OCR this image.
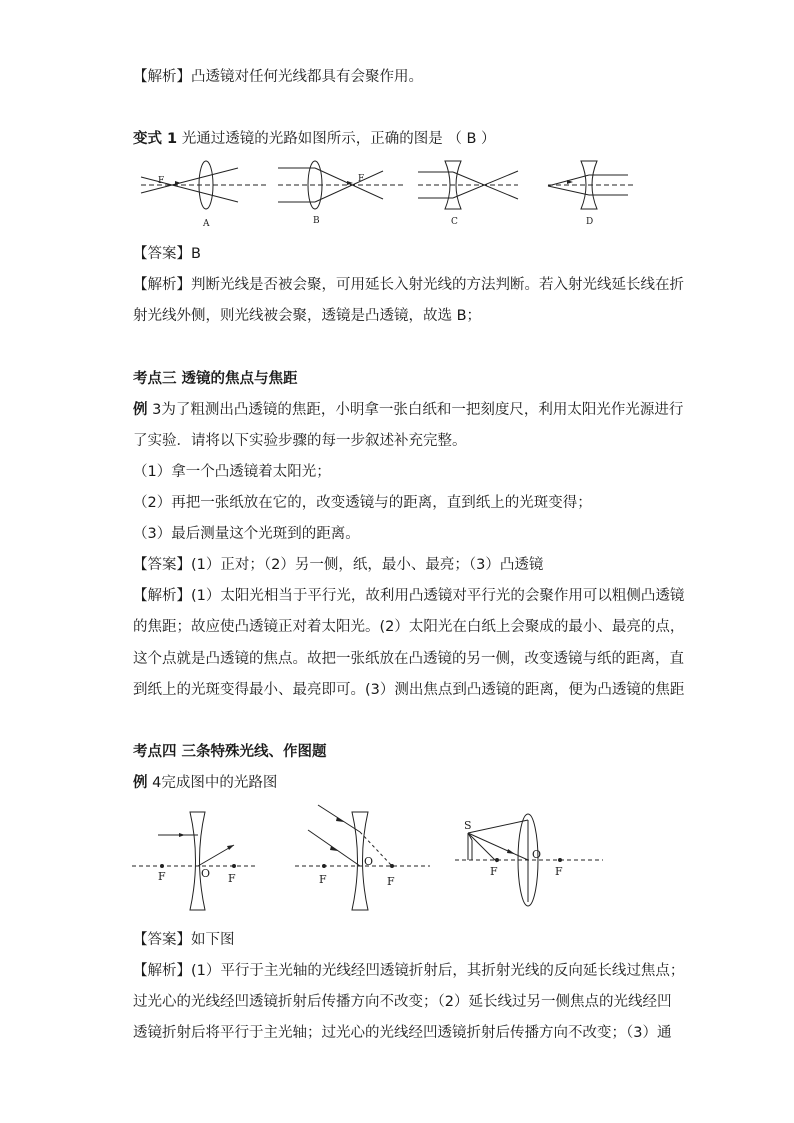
【解析】凸透镜对任何光线都具有会聚作用。
变式 1 光通过透镜的光路如图所示，正确的图是 （ B ）
F	F
A	B	C	D
【答案】B
【解析】判断光线是否被会聚，可用延长入射光线的方法判断。若入射光线延长线在折
射光线外侧，则光线被会聚，透镜是凸透镜，故选 B；
考点三 透镜的焦点与焦距
例 3为了粗测出凸透镜的焦距，小明拿一张白纸和一把刻度尺，利用太阳光作光源进行
了实验．请将以下实验步骤的每一步叙述补充完整。
（1）拿一个凸透镜着太阳光；
（2）再把一张纸放在它的，改变透镜与的距离，直到纸上的光斑变得；
（3）最后测量这个光斑到的距离。
【答案】(1）正对；（2）另一侧，纸，最小、最亮；（3）凸透镜
【解析】(1）太阳光相当于平行光，故利用凸透镜对平行光的会聚作用可以粗侧凸透镜
的焦距；故应使凸透镜正对着太阳光。(2）太阳光在白纸上会聚成的最小、最亮的点，
这个点就是凸透镜的焦点。故把一张纸放在凸透镜的另一侧，改变透镜与纸的距离，直
到纸上的光斑变得最小、最亮即可。(3）测出焦点到凸透镜的距离，便为凸透镜的焦距
考点四 三条特殊光线、作图题
例 4完成图中的光路图
F	O F	F
O
F
S
F
O
F
【答案】如下图
【解析】(1）平行于主光轴的光线经凹透镜折射后，其折射光线的反向延长线过焦点；
过光心的光线经凹透镜折射后传播方向不改变；（2）延长线过另一侧焦点的光线经凹
透镜折射后将平行于主光轴；过光心的光线经凹透镜折射后传播方向不改变；（3）通
